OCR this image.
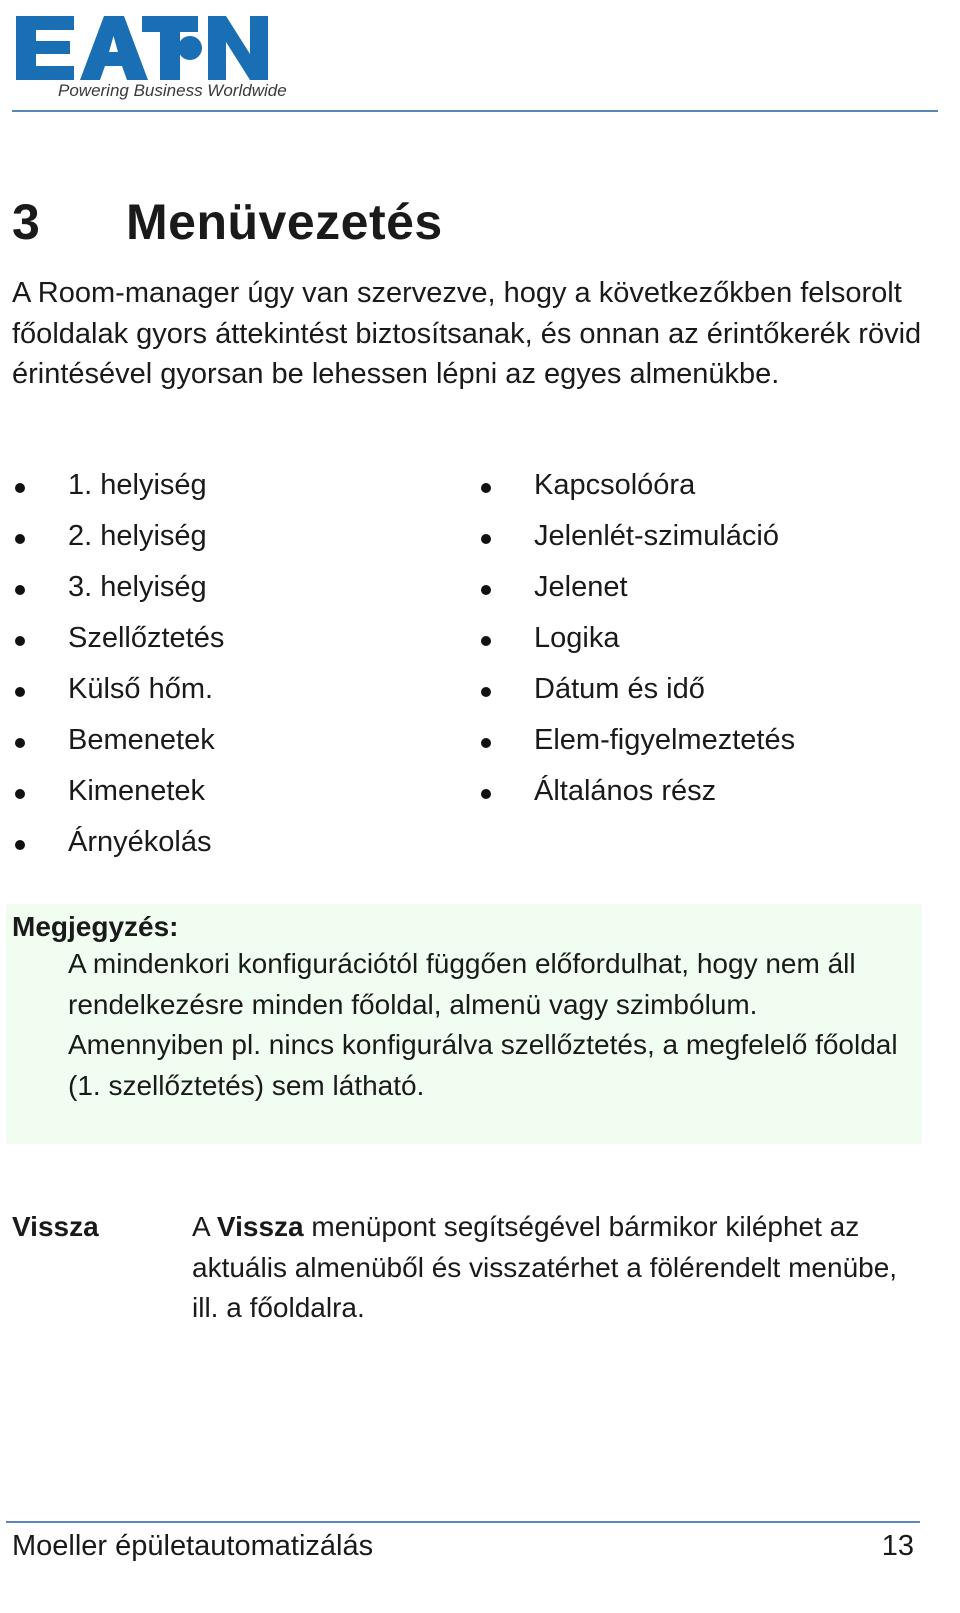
Powering Business Worldwide
3 Menüvezetés

A Room-manager úgy van szervezve, hogy a következőkben felsorolt főoldalak gyors áttekintést biztosítsanak, és onnan az érintőkerék rövid érintésével gyorsan be lehessen lépni az egyes almenükbe.

1. helyiség
2. helyiség
3. helyiség
Szellőztetés
Külső hőm.
Bemenetek
Kimenetek
Árnyékolás
Kapcsolóóra
Jelenlét-szimuláció
Jelenet
Logika
Dátum és idő
Elem-figyelmeztetés
Általános rész
Megjegyzés:

A mindenkori konfigurációtól függően előfordulhat, hogy nem áll rendelkezésre minden főoldal, almenü vagy szimbólum. Amennyiben pl. nincs konfigurálva szellőztetés, a megfelelő főoldal (1. szellőztetés) sem látható.

Vissza	A Vissza menüpont segítségével bármikor kiléphet az aktuális almenüből és visszatérhet a fölérendelt menübe, ill. a főoldalra.

Moeller épületautomatizálás	13
